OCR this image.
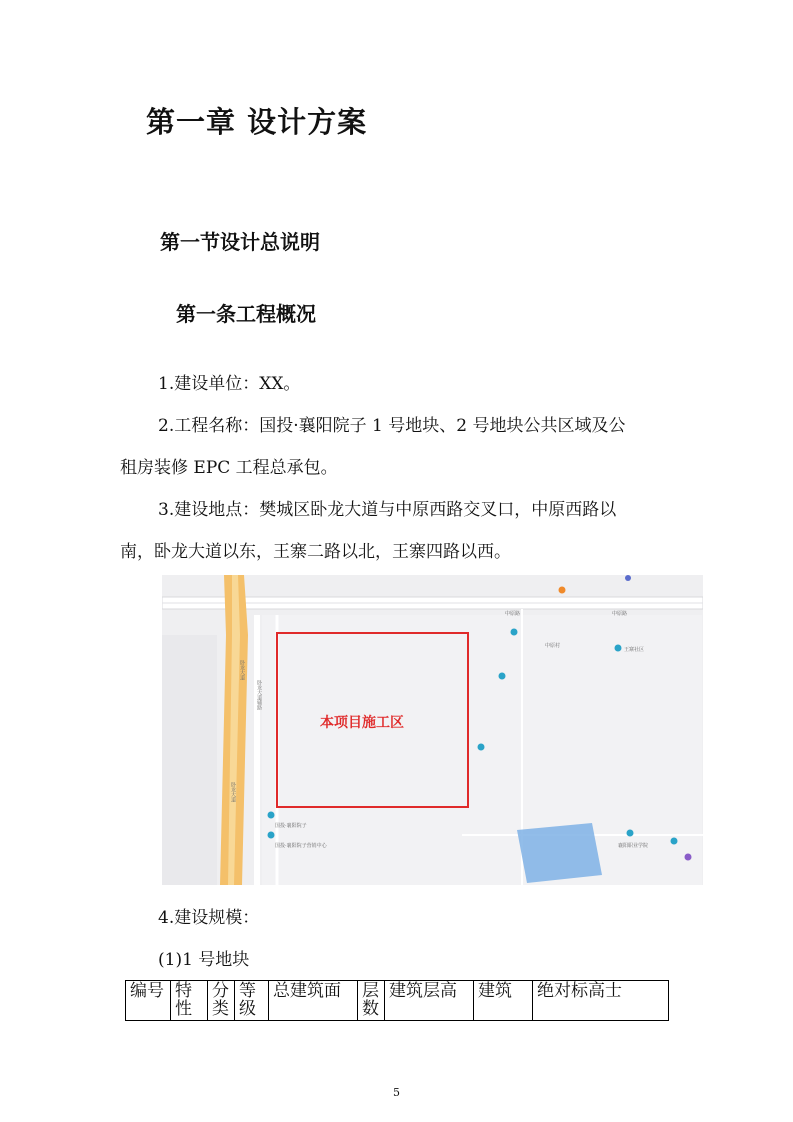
第一章 设计方案
第一节设计总说明
第一条工程概况
1.建设单位：XX。
2.工程名称：国投·襄阳院子 1 号地块、2 号地块公共区域及公
租房装修 EPC 工程总承包。
3.建设地点：樊城区卧龙大道与中原西路交叉口，中原西路以
南，卧龙大道以东，王寨二路以北，王寨四路以西。
中原路	中原路
卧龙大道
卧龙大道
卧龙大道辅路
国投·襄阳院子
国投·襄阳院子营销中心	襄阳职业学院
中原村
王寨社区
本项目施工区
4.建设规模：
(1)1 号地块
编号	特性	分类	等级	总建筑面	层数	建筑层高	建筑	绝对标高士
5
